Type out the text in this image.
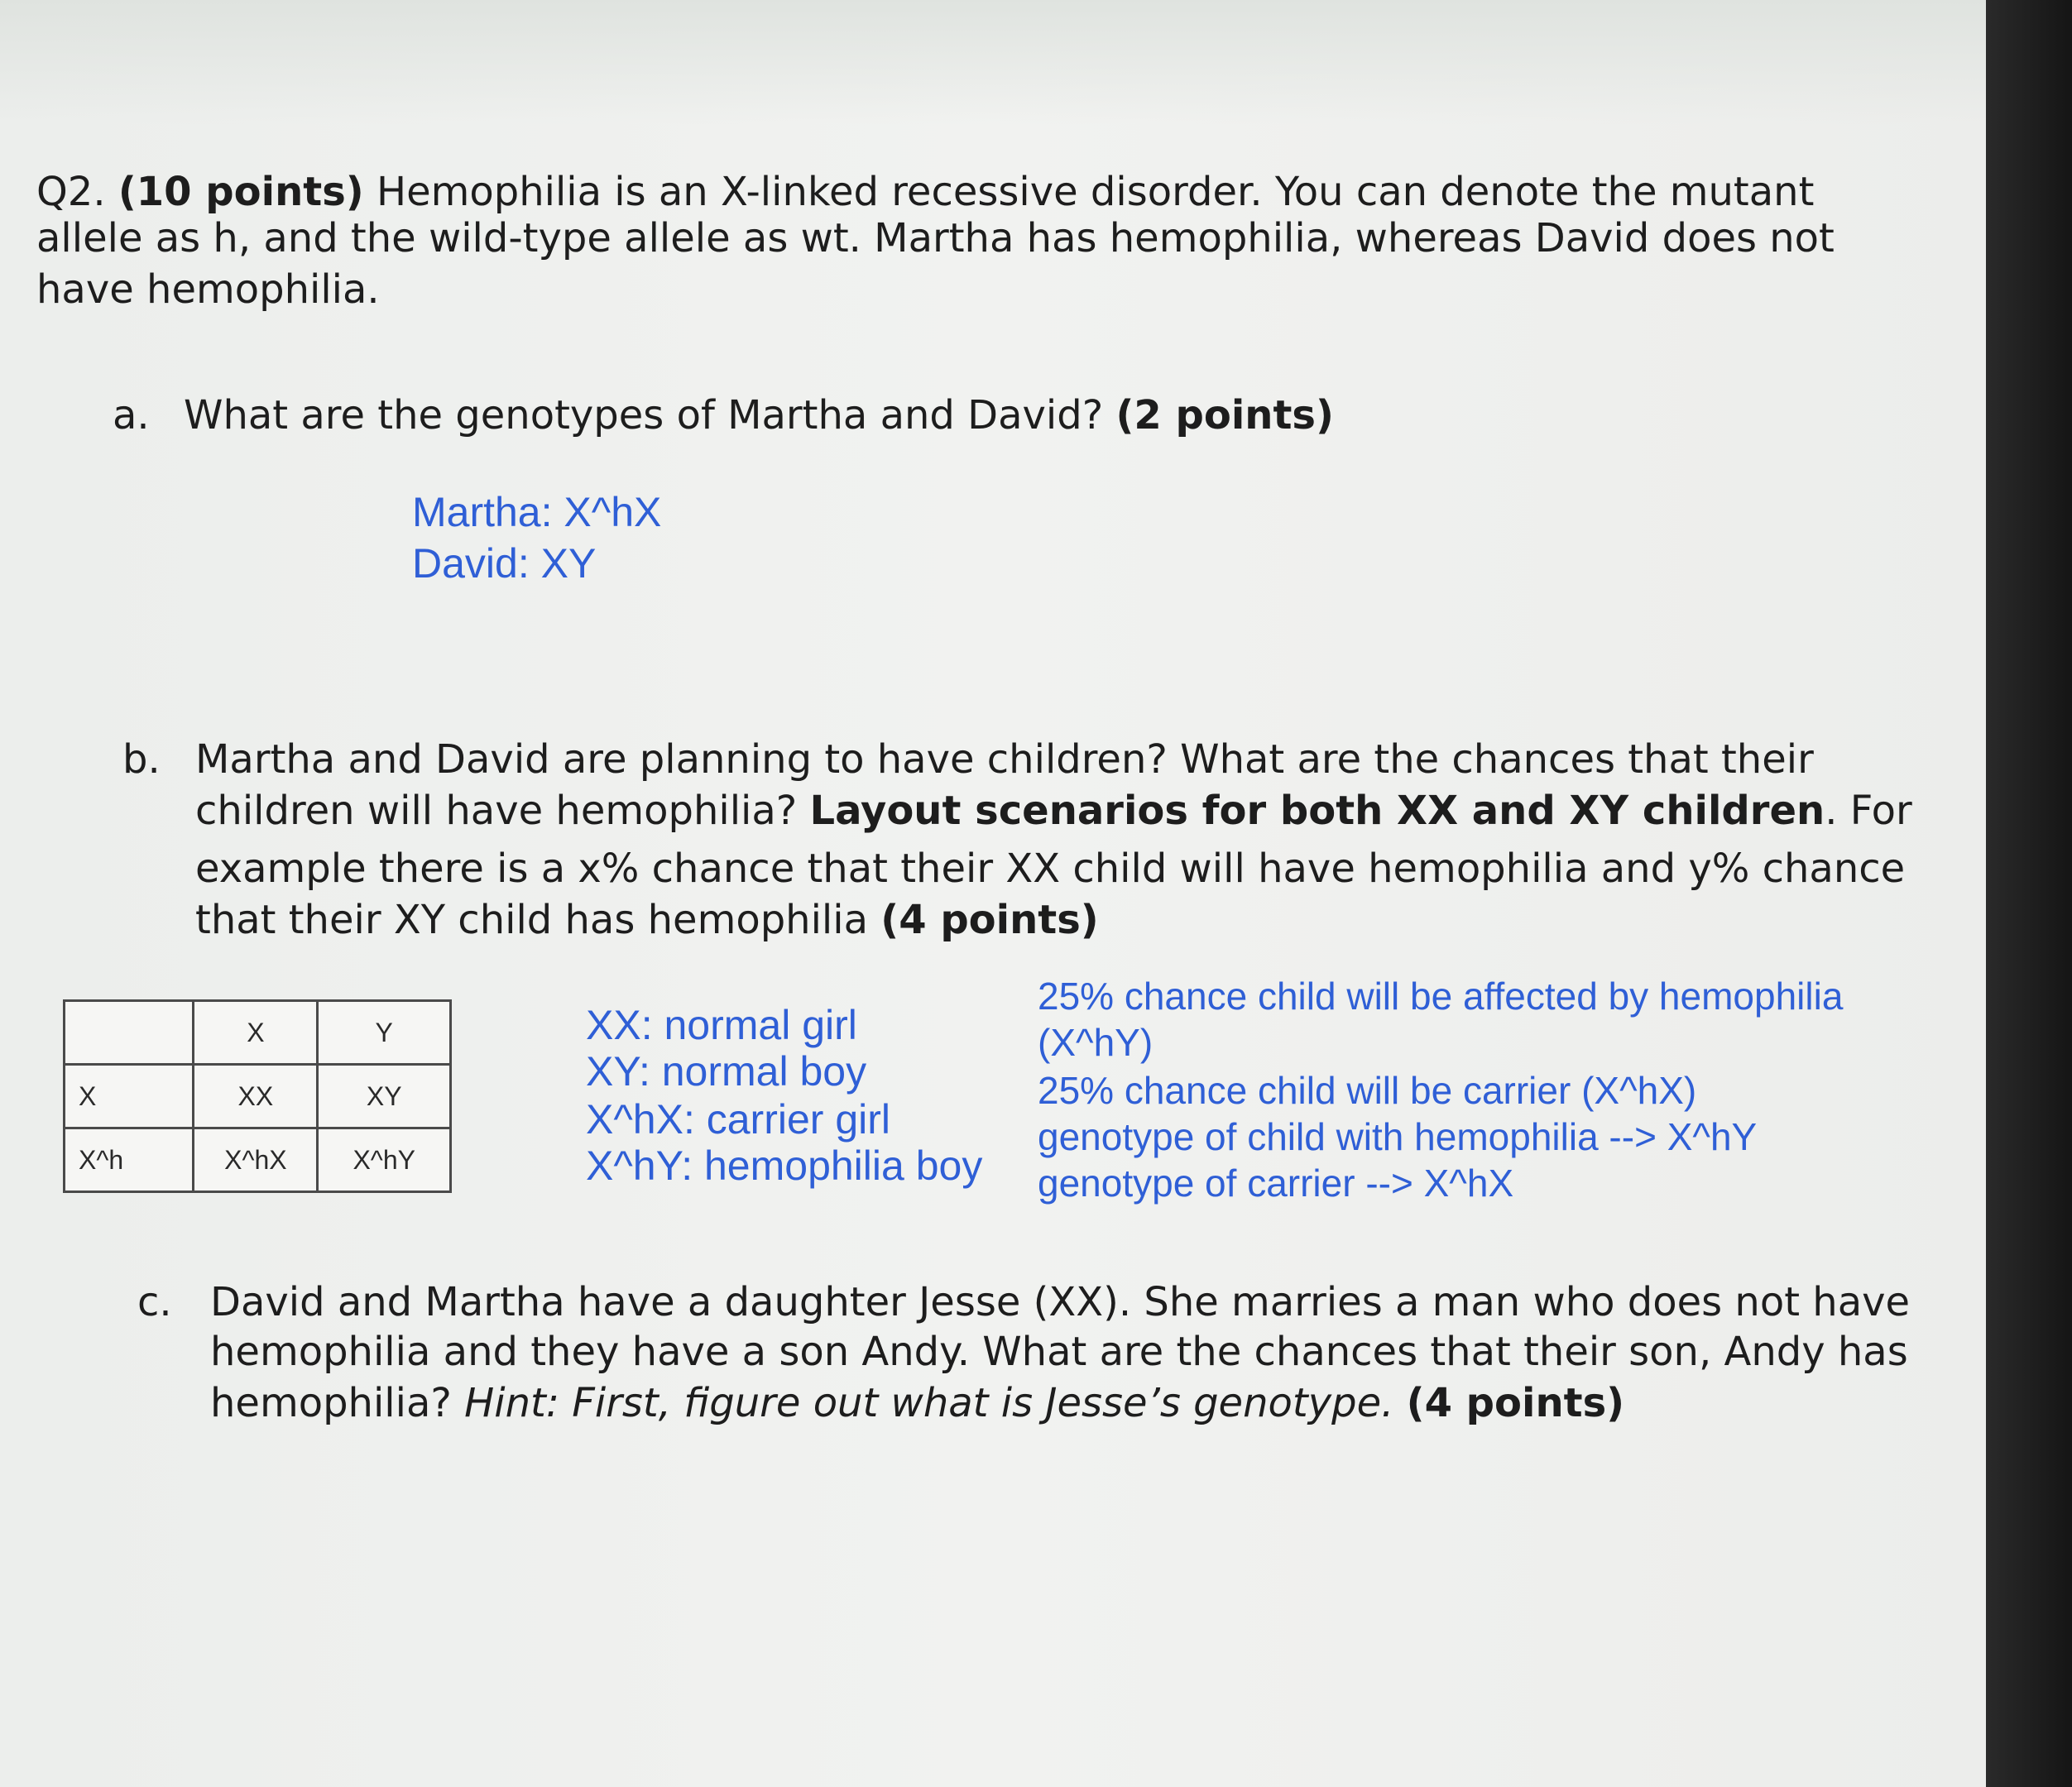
Q2. (10 points) Hemophilia is an X-linked recessive disorder. You can denote the mutant

allele as h, and the wild-type allele as wt. Martha has hemophilia, whereas David does not

have hemophilia.

a. What are the genotypes of Martha and David? (2 points)

Martha: X^hX

David: XY

b. Martha and David are planning to have children? What are the chances that their

children will have hemophilia? Layout scenarios for both XX and XY children. For

example there is a x% chance that their XX child will have hemophilia and y% chance

that their XY child has hemophilia (4 points)

	X	Y
X	XX	XY
X^h	X^hX	X^hY

XX: normal girl

XY: normal boy

X^hX: carrier girl

X^hY: hemophilia boy

25% chance child will be affected by hemophilia

(X^hY)

25% chance child will be carrier (X^hX)

genotype of child with hemophilia --> X^hY

genotype of carrier --> X^hX

c. David and Martha have a daughter Jesse (XX). She marries a man who does not have

hemophilia and they have a son Andy. What are the chances that their son, Andy has

hemophilia? Hint: First, figure out what is Jesse’s genotype. (4 points)
